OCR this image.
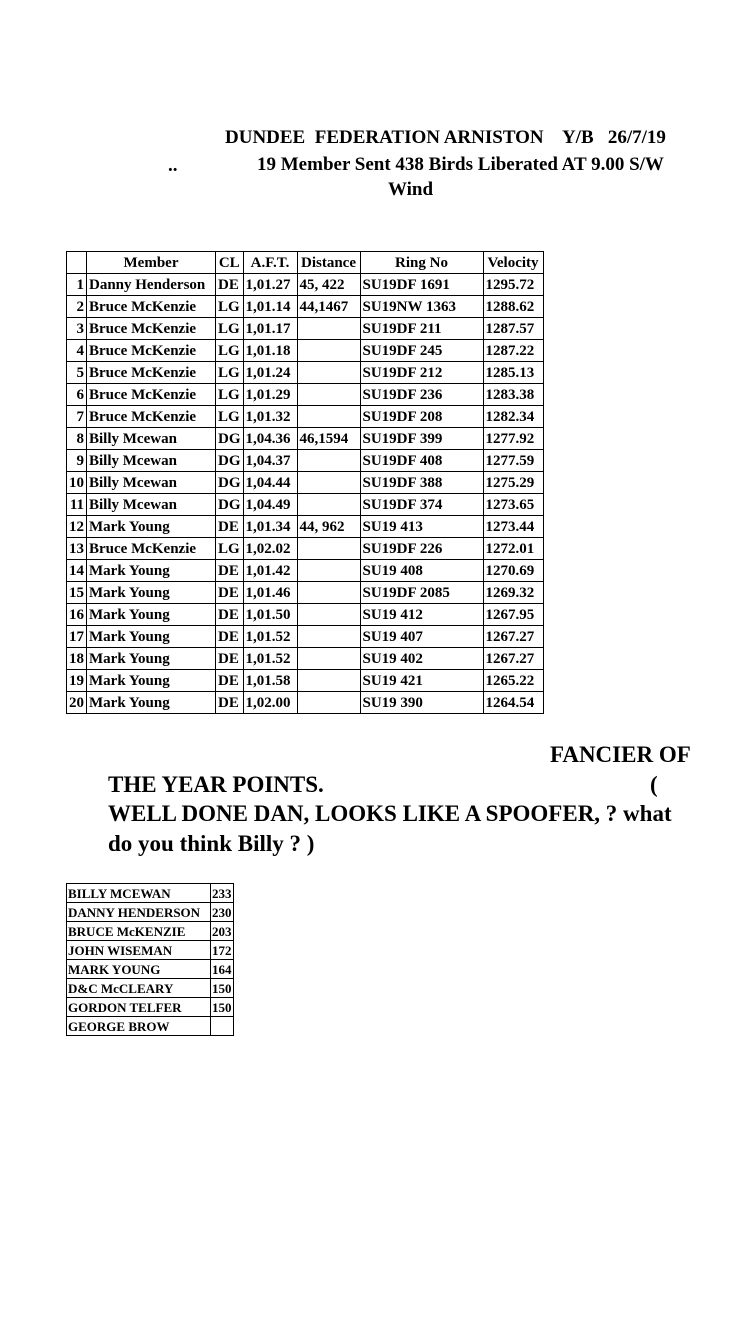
DUNDEE  FEDERATION ARNISTON    Y/B   26/7/19
..	19 Member Sent 438 Birds Liberated AT 9.00 S/W
Wind
	Member	CL	A.F.T.	Distance	Ring No	Velocity
1	Danny Henderson	DE	1,01.27	45, 422	SU19DF 1691	1295.72
2	Bruce McKenzie	LG	1,01.14	44,1467	SU19NW 1363	1288.62
3	Bruce McKenzie	LG	1,01.17		SU19DF 211	1287.57
4	Bruce McKenzie	LG	1,01.18		SU19DF 245	1287.22
5	Bruce McKenzie	LG	1,01.24		SU19DF 212	1285.13
6	Bruce McKenzie	LG	1,01.29		SU19DF 236	1283.38
7	Bruce McKenzie	LG	1,01.32		SU19DF 208	1282.34
8	Billy Mcewan	DG	1,04.36	46,1594	SU19DF 399	1277.92
9	Billy Mcewan	DG	1,04.37		SU19DF 408	1277.59
10	Billy Mcewan	DG	1,04.44		SU19DF 388	1275.29
11	Billy Mcewan	DG	1,04.49		SU19DF 374	1273.65
12	Mark Young	DE	1,01.34	44, 962	SU19 413	1273.44
13	Bruce McKenzie	LG	1,02.02		SU19DF 226	1272.01
14	Mark Young	DE	1,01.42		SU19 408	1270.69
15	Mark Young	DE	1,01.46		SU19DF 2085	1269.32
16	Mark Young	DE	1,01.50		SU19 412	1267.95
17	Mark Young	DE	1,01.52		SU19 407	1267.27
18	Mark Young	DE	1,01.52		SU19 402	1267.27
19	Mark Young	DE	1,01.58		SU19 421	1265.22
20	Mark Young	DE	1,02.00		SU19 390	1264.54
FANCIER OF
THE YEAR POINTS.	(
WELL DONE DAN, LOOKS LIKE A SPOOFER, ? what
do you think Billy ? )
BILLY MCEWAN	233
DANNY HENDERSON	230
BRUCE McKENZIE	203
JOHN WISEMAN	172
MARK YOUNG	164
D&C McCLEARY	150
GORDON TELFER	150
GEORGE BROW	
